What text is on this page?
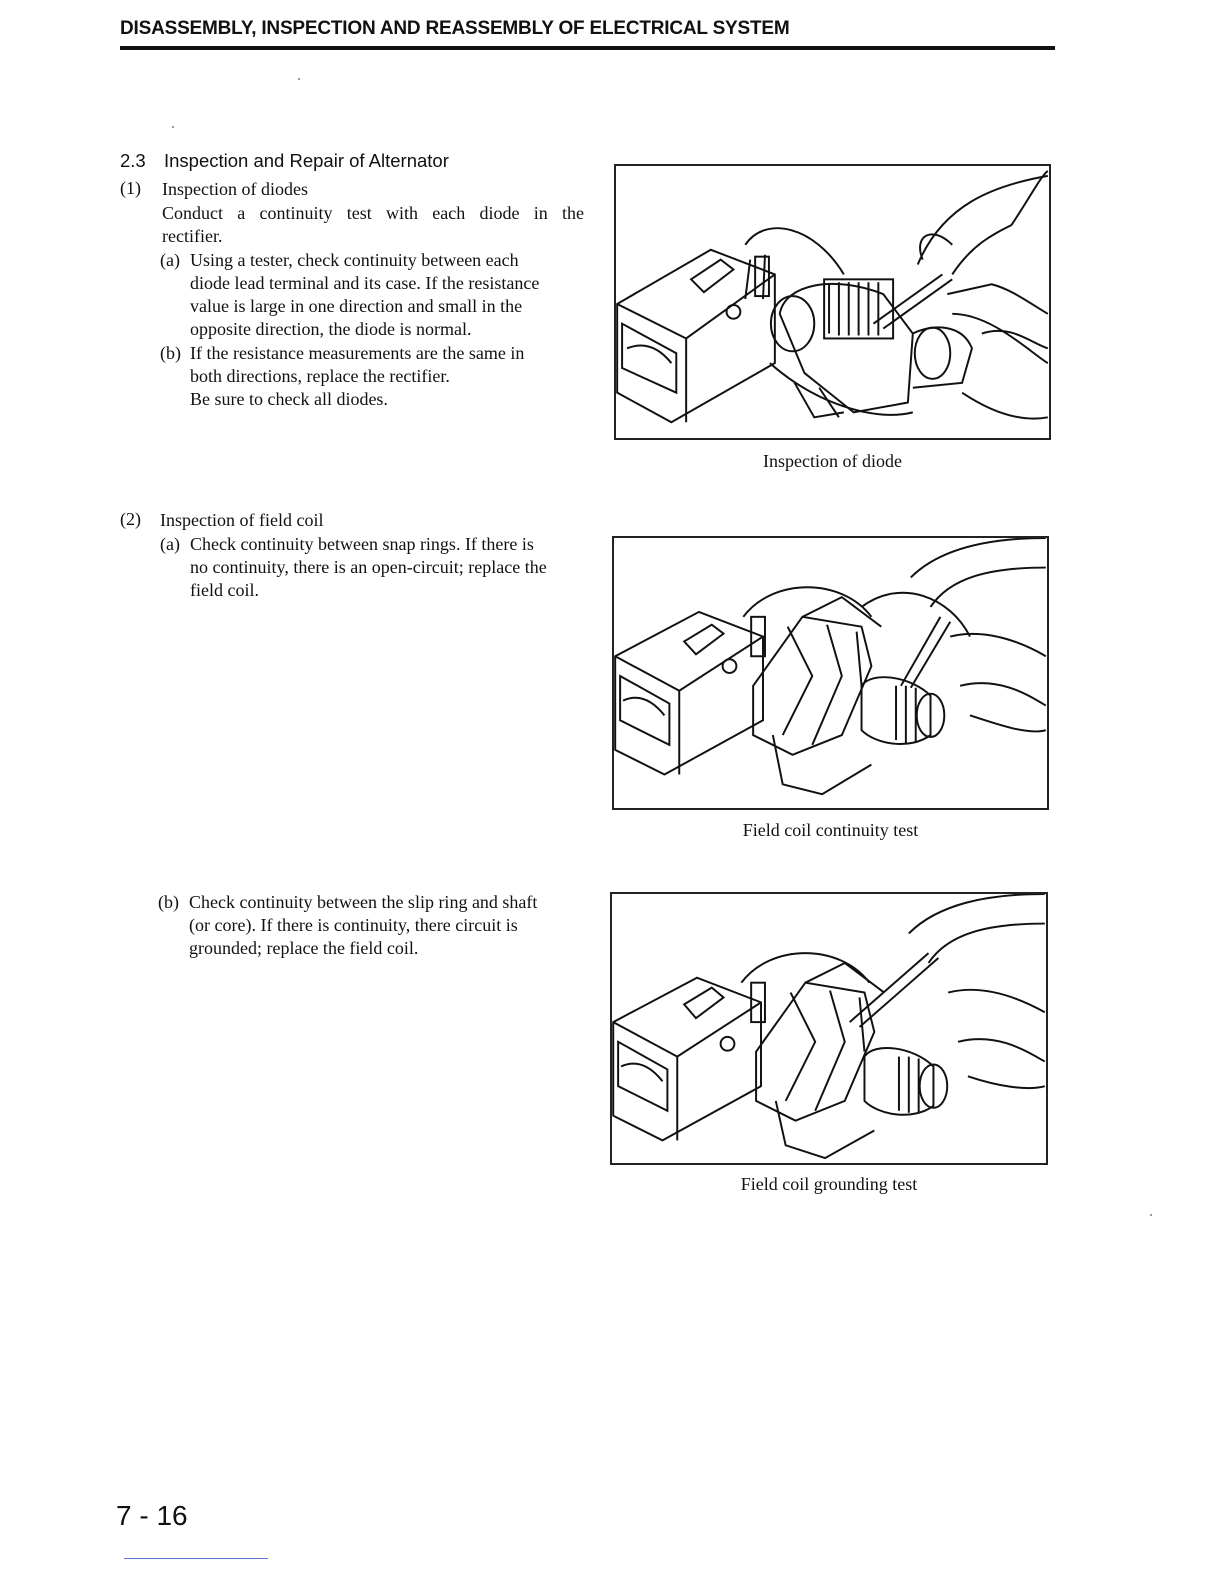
DISASSEMBLY, INSPECTION AND REASSEMBLY OF ELECTRICAL SYSTEM
2.3 Inspection and Repair of Alternator
(1) Inspection of diodes
Conduct a continuity test with each diode in the
rectifier.
(a) Using a tester, check continuity between each
diode lead terminal and its case. If the resistance
value is large in one direction and small in the
opposite direction, the diode is normal.
(b) If the resistance measurements are the same in
both directions, replace the rectifier.
Be sure to check all diodes.
Inspection of diode
(2) Inspection of field coil
(a) Check continuity between snap rings. If there is
no continuity, there is an open-circuit; replace the
field coil.
Field coil continuity test
(b) Check continuity between the slip ring and shaft
(or core). If there is continuity, there circuit is
grounded; replace the field coil.
Field coil grounding test
7 - 16
